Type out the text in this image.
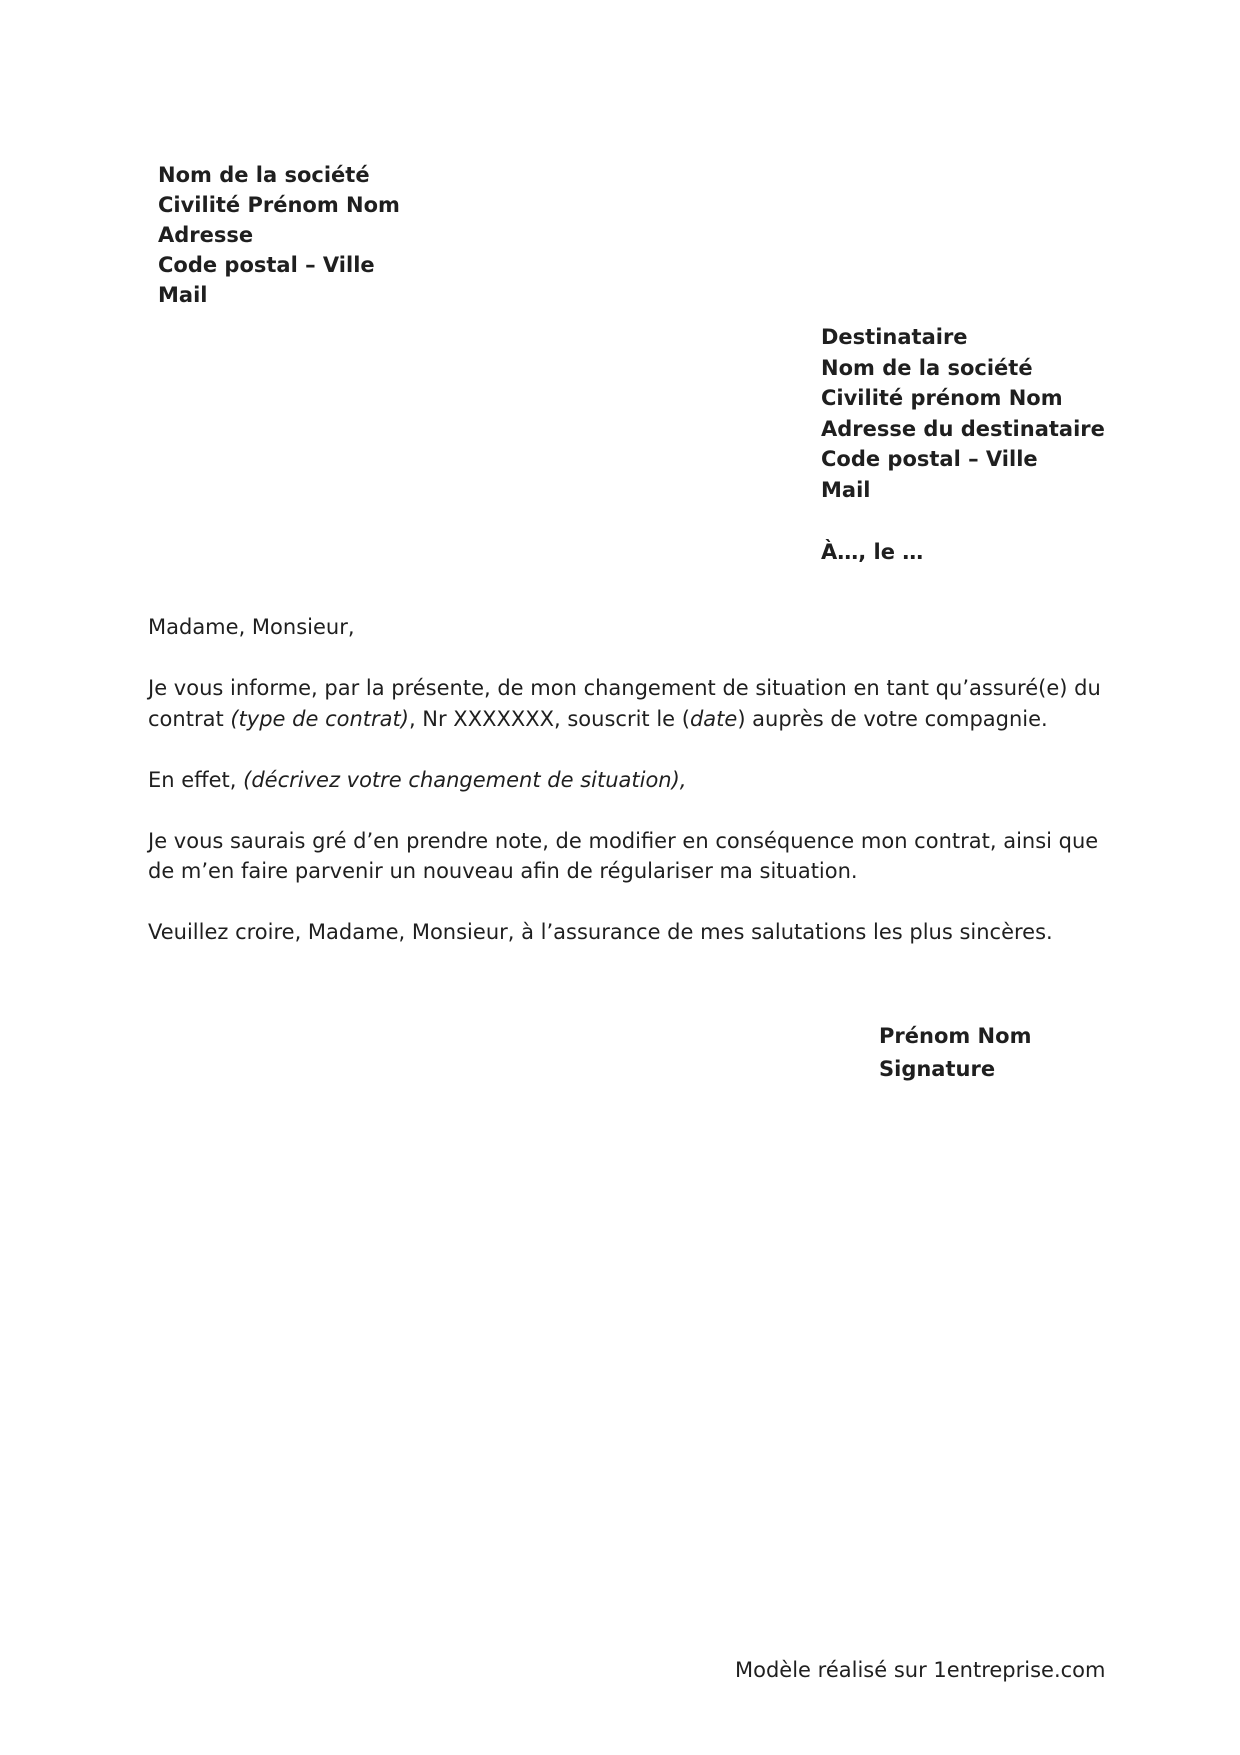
Nom de la société
Civilité Prénom Nom
Adresse
Code postal – Ville
Mail
Destinataire
Nom de la société
Civilité prénom Nom
Adresse du destinataire
Code postal – Ville
Mail
À…, le …

Madame, Monsieur,

Je vous informe, par la présente, de mon changement de situation en tant qu’assuré(e) du
contrat (type de contrat), Nr XXXXXXX, souscrit le (date) auprès de votre compagnie.

En effet, (décrivez votre changement de situation),

Je vous saurais gré d’en prendre note, de modifier en conséquence mon contrat, ainsi que
de m’en faire parvenir un nouveau afin de régulariser ma situation.

Veuillez croire, Madame, Monsieur, à l’assurance de mes salutations les plus sincères.

Prénom Nom
Signature
Modèle réalisé sur 1entreprise.com
